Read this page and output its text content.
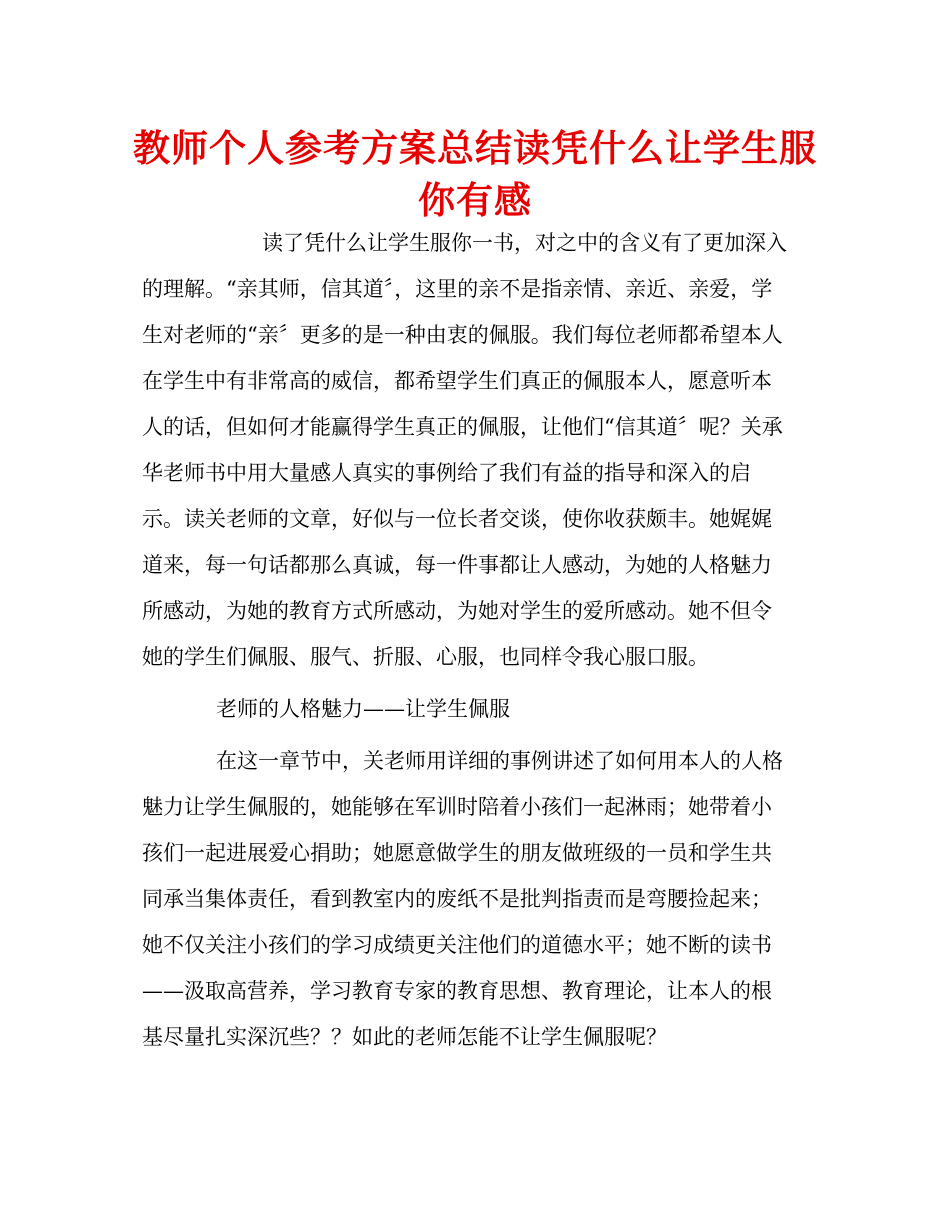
教师个人参考方案总结读凭什么让学生服
你有感

读了凭什么让学生服你一书，对之中的含义有了更加深入

的理解。“亲其师，信其道〞，这里的亲不是指亲情、亲近、亲爱，学

生对老师的“亲〞更多的是一种由衷的佩服。我们每位老师都希望本人

在学生中有非常高的威信，都希望学生们真正的佩服本人，愿意听本

人的话，但如何才能赢得学生真正的佩服，让他们“信其道〞呢？关承

华老师书中用大量感人真实的事例给了我们有益的指导和深入的启

示。读关老师的文章，好似与一位长者交谈，使你收获颇丰。她娓娓

道来，每一句话都那么真诚，每一件事都让人感动，为她的人格魅力

所感动，为她的教育方式所感动，为她对学生的爱所感动。她不但令

她的学生们佩服、服气、折服、心服，也同样令我心服口服。

老师的人格魅力——让学生佩服

在这一章节中，关老师用详细的事例讲述了如何用本人的人格

魅力让学生佩服的，她能够在军训时陪着小孩们一起淋雨；她带着小

孩们一起进展爱心捐助；她愿意做学生的朋友做班级的一员和学生共

同承当集体责任，看到教室内的废纸不是批判指责而是弯腰捡起来；

她不仅关注小孩们的学习成绩更关注他们的道德水平；她不断的读书

——汲取高营养，学习教育专家的教育思想、教育理论，让本人的根

基尽量扎实深沉些？？如此的老师怎能不让学生佩服呢？
